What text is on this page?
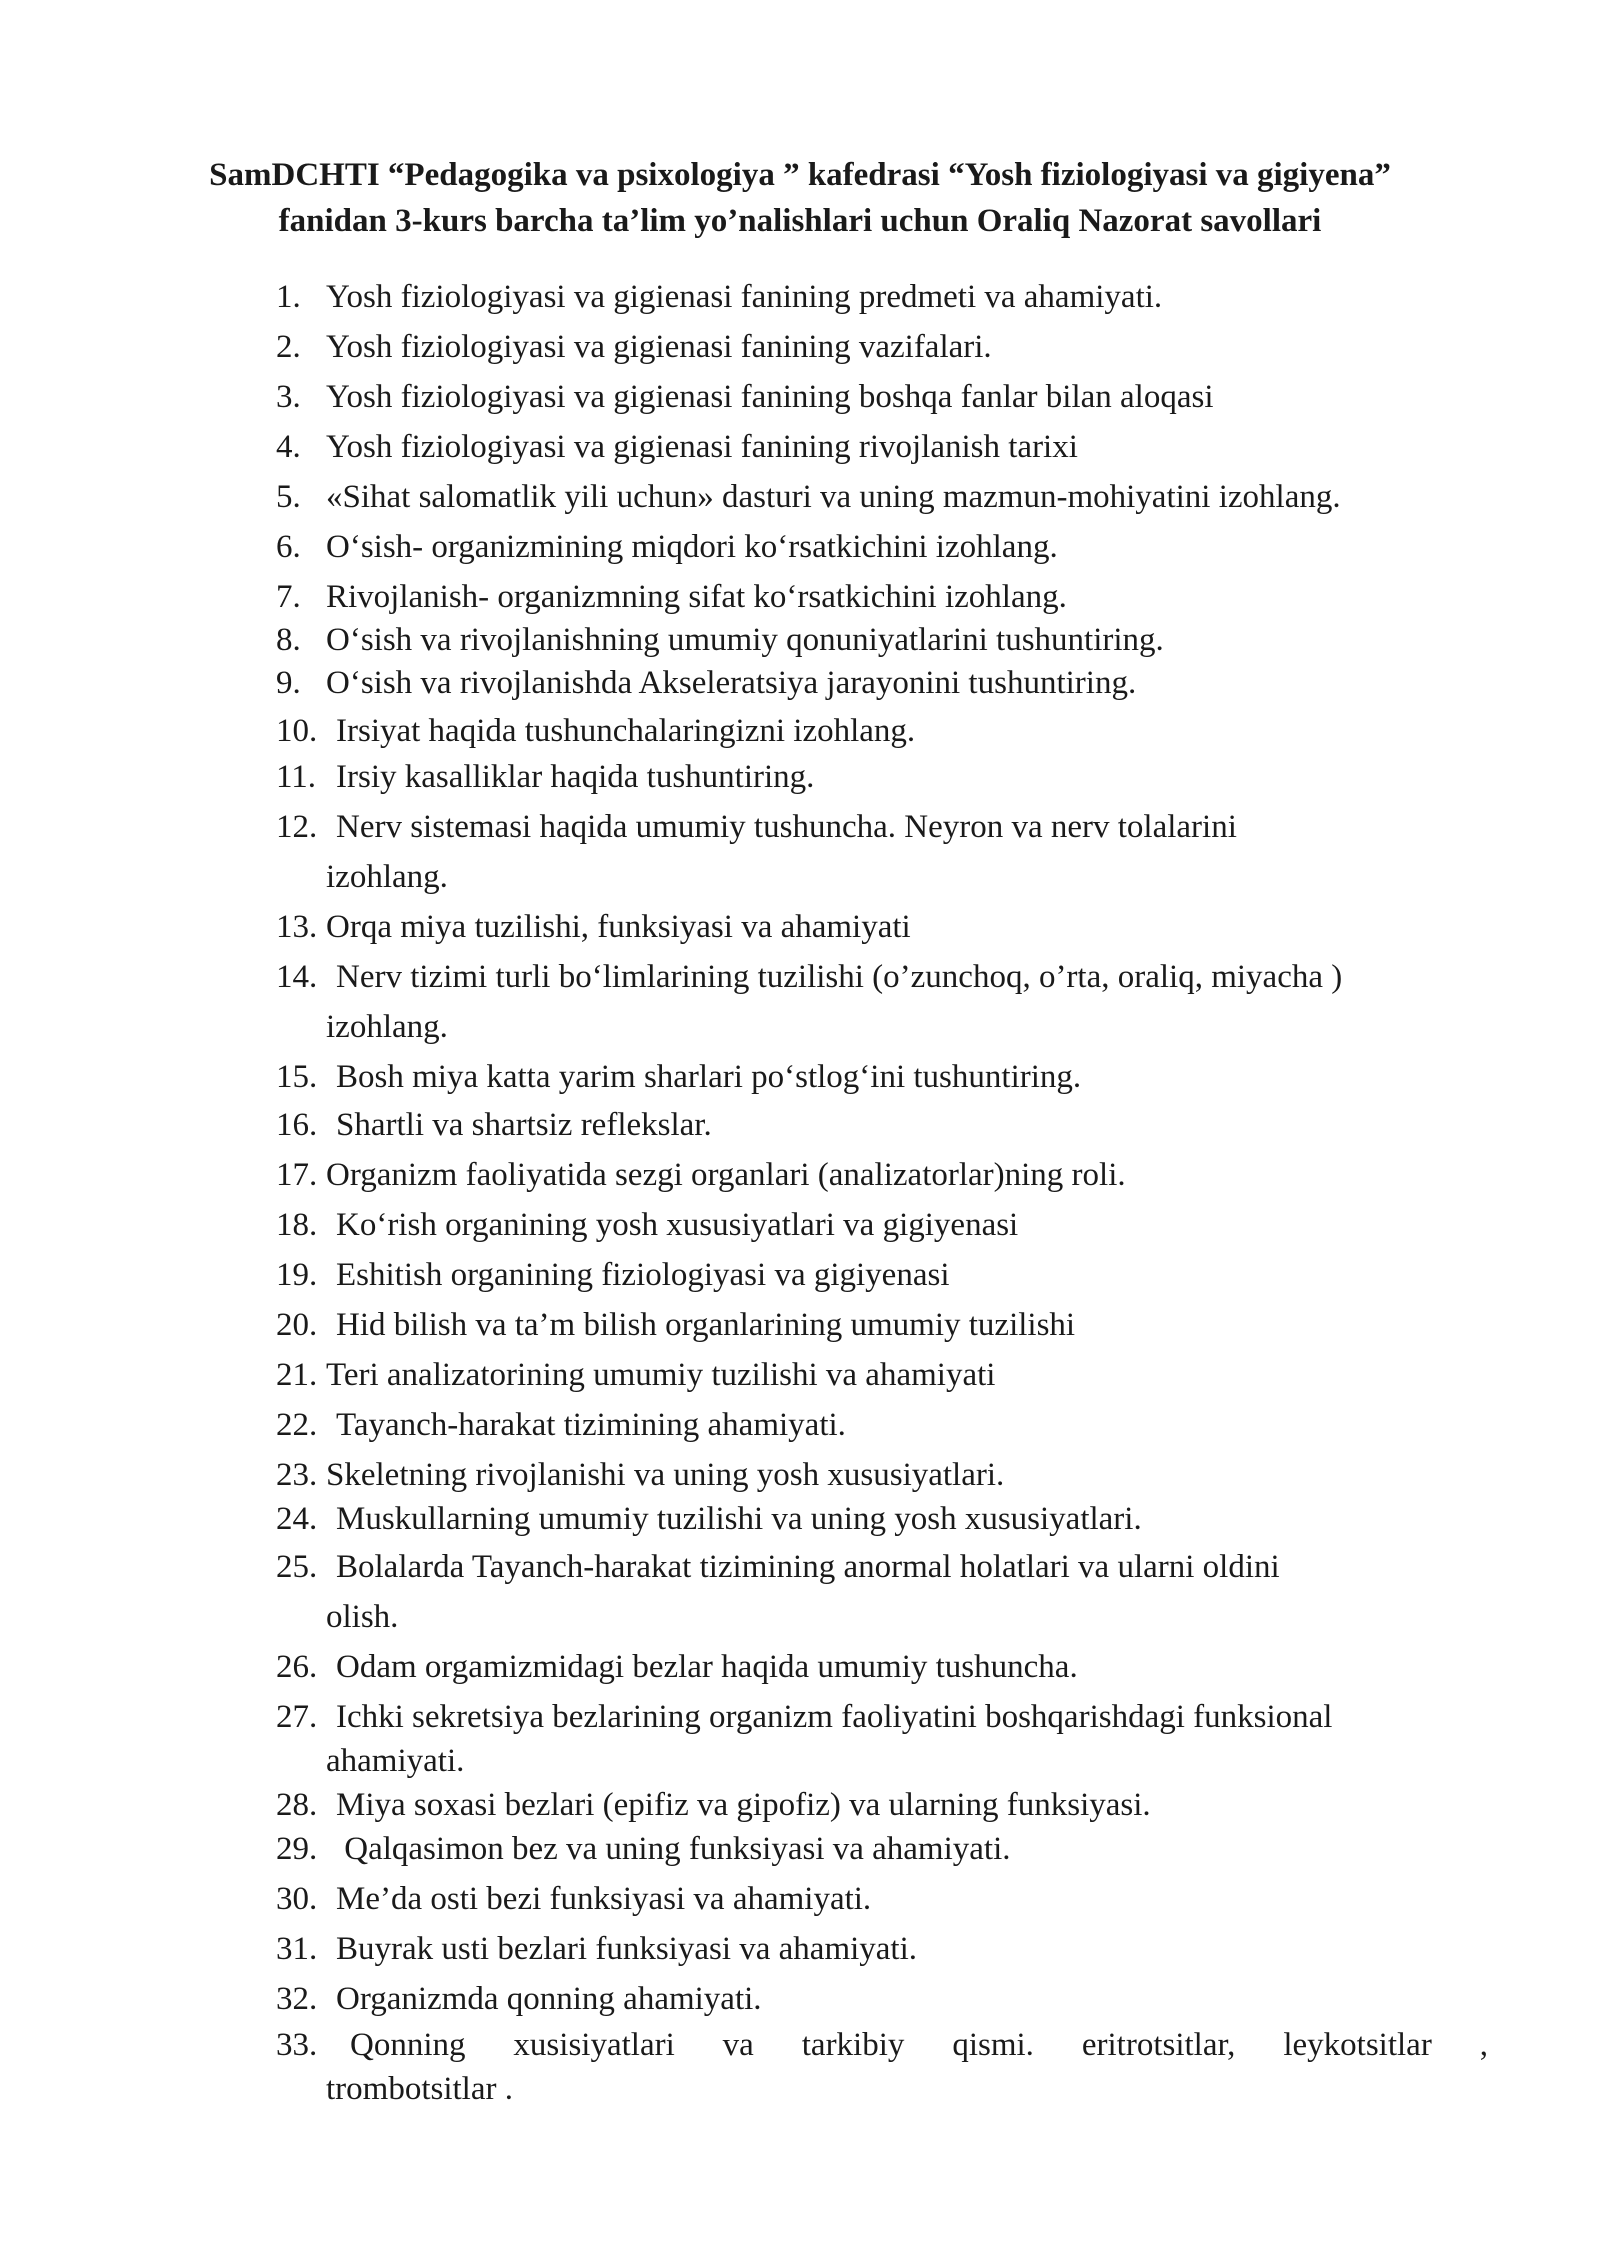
SamDCHTI “Pedagogika va psixologiya ” kafedrasi “Yosh fiziologiyasi va gigiyena”

fanidan 3-kurs barcha ta’lim yo’nalishlari uchun Oraliq Nazorat savollari

1. Yosh fiziologiyasi va gigienasi fanining predmeti va ahamiyati.
2. Yosh fiziologiyasi va gigienasi fanining vazifalari.
3. Yosh fiziologiyasi va gigienasi fanining boshqa fanlar bilan aloqasi
4. Yosh fiziologiyasi va gigienasi fanining rivojlanish tarixi
5. «Sihat salomatlik yili uchun» dasturi va uning mazmun-mohiyatini izohlang.
6. O‘sish- organizmining miqdori ko‘rsatkichini izohlang.
7. Rivojlanish- organizmning sifat ko‘rsatkichini izohlang.
8. O‘sish va rivojlanishning umumiy qonuniyatlarini tushuntiring.
9. O‘sish va rivojlanishda Akseleratsiya jarayonini tushuntiring.
10. Irsiyat haqida tushunchalaringizni izohlang.
11. Irsiy kasalliklar haqida tushuntiring.
12. Nerv sistemasi haqida umumiy tushuncha. Neyron va nerv tolalarini
izohlang.
13. Orqa miya tuzilishi, funksiyasi va ahamiyati
14. Nerv tizimi turli bo‘limlarining tuzilishi (o’zunchoq, o’rta, oraliq, miyacha )
izohlang.
15. Bosh miya katta yarim sharlari po‘stlog‘ini tushuntiring.
16. Shartli va shartsiz reflekslar.
17. Organizm faoliyatida sezgi organlari (analizatorlar)ning roli.
18. Ko‘rish organining yosh xususiyatlari va gigiyenasi
19. Eshitish organining fiziologiyasi va gigiyenasi
20. Hid bilish va ta’m bilish organlarining umumiy tuzilishi
21. Teri analizatorining umumiy tuzilishi va ahamiyati
22. Tayanch-harakat tizimining ahamiyati.
23. Skeletning rivojlanishi va uning yosh xususiyatlari.
24. Muskullarning umumiy tuzilishi va uning yosh xususiyatlari.
25. Bolalarda Tayanch-harakat tizimining anormal holatlari va ularni oldini
olish.
26. Odam orgamizmidagi bezlar haqida umumiy tushuncha.
27. Ichki sekretsiya bezlarining organizm faoliyatini boshqarishdagi funksional
ahamiyati.
28. Miya soxasi bezlari (epifiz va gipofiz) va ularning funksiyasi.
29. Qalqasimon bez va uning funksiyasi va ahamiyati.
30. Me’da osti bezi funksiyasi va ahamiyati.
31. Buyrak usti bezlari funksiyasi va ahamiyati.
32. Organizmda qonning ahamiyati.
33. Qonning xusisiyatlari va tarkibiy qismi. eritrotsitlar, leykotsitlar ,
trombotsitlar .
